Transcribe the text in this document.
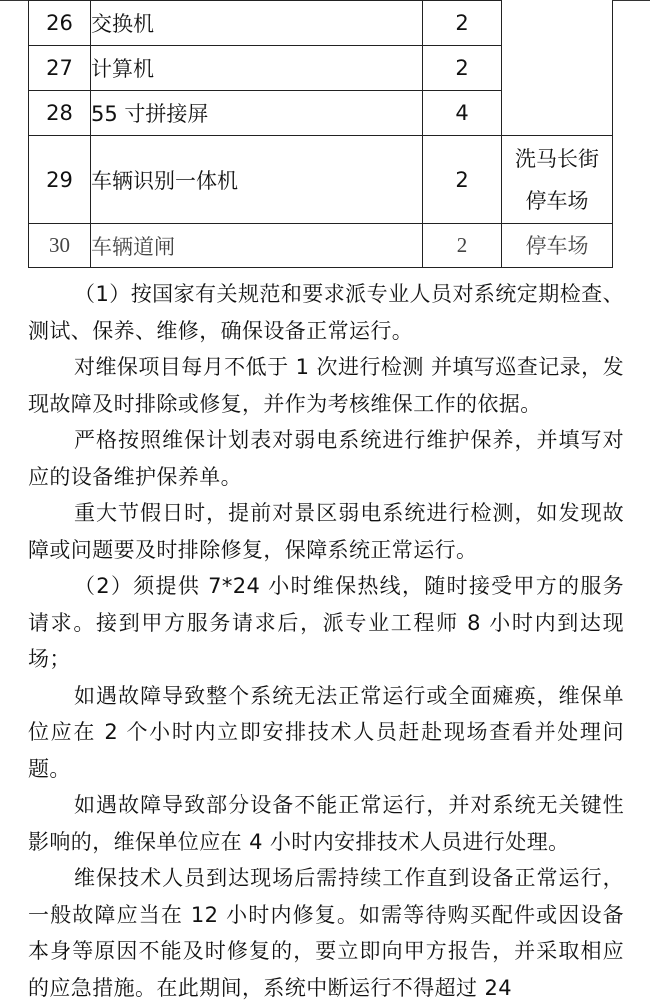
26	交换机	2	
27	计算机	2	
28	55 寸拼接屏	4	
29	车辆识别一体机	2	洗马长街
停车场
30	车辆道闸	2	停车场

（1）按国家有关规范和要求派专业人员对系统定期检查、测试、保养、维修，确保设备正常运行。

对维保项目每月不低于 1 次进行检测 并填写巡查记录，发现故障及时排除或修复，并作为考核维保工作的依据。

严格按照维保计划表对弱电系统进行维护保养，并填写对应的设备维护保养单。

重大节假日时，提前对景区弱电系统进行检测，如发现故障或问题要及时排除修复，保障系统正常运行。

（2）须提供 7*24 小时维保热线，随时接受甲方的服务请求。接到甲方服务请求后，派专业工程师 8 小时内到达现场；

如遇故障导致整个系统无法正常运行或全面瘫痪，维保单位应在 2 个小时内立即安排技术人员赶赴现场查看并处理问题。

如遇故障导致部分设备不能正常运行，并对系统无关键性影响的，维保单位应在 4 小时内安排技术人员进行处理。

维保技术人员到达现场后需持续工作直到设备正常运行，一般故障应当在 12 小时内修复。如需等待购买配件或因设备本身等原因不能及时修复的，要立即向甲方报告，并采取相应的应急措施。在此期间，系统中断运行不得超过 24
